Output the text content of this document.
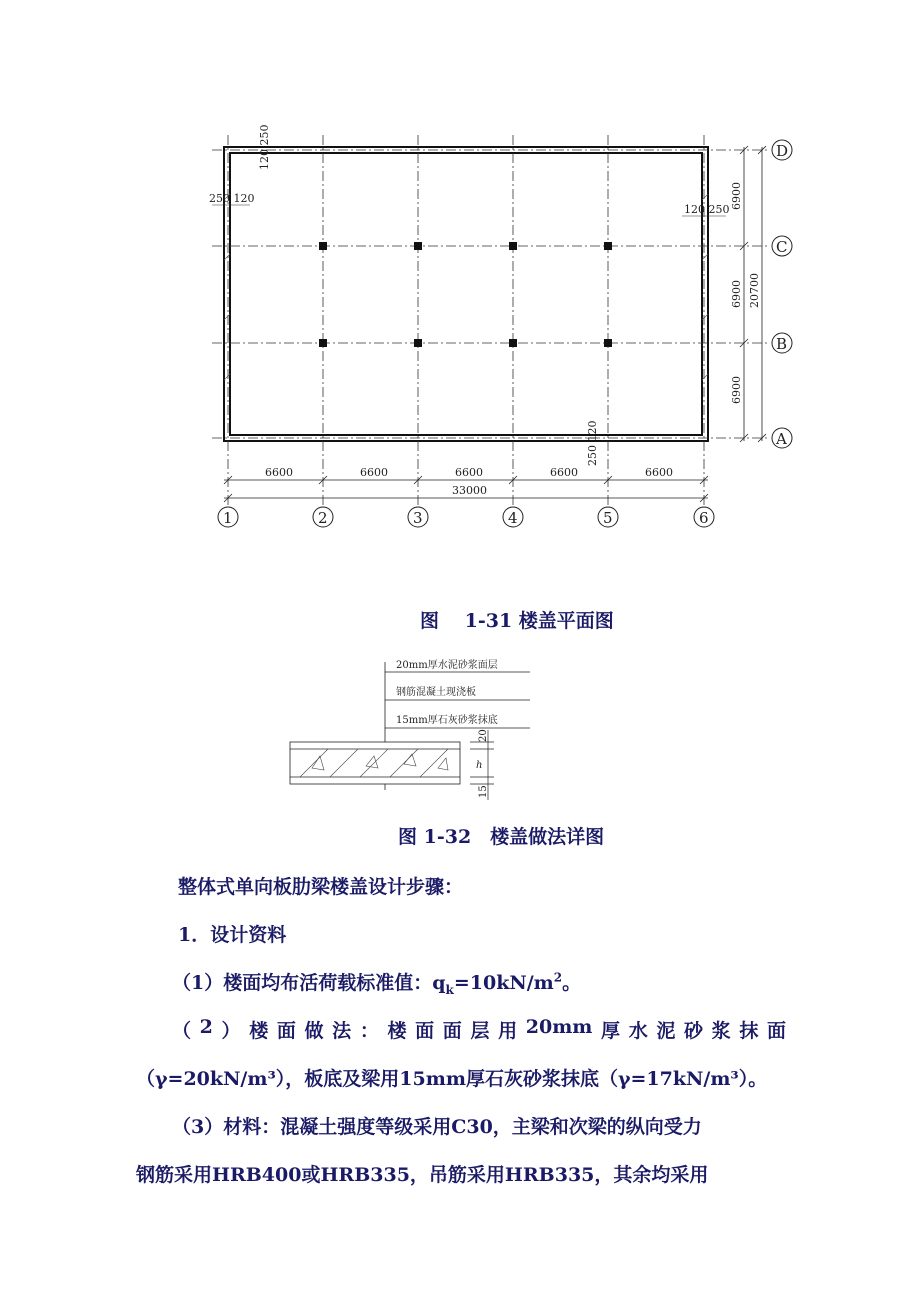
120 250
250 120
120 250
250 120
6900
6900
6900
20700
D
C
B
A
6600	6600	6600	6600	6600
33000
1	2	3	4	5	6
图　 1-31 楼盖平面图
20mm厚水泥砂浆面层
钢筋混凝土现浇板
15mm厚石灰砂浆抹底
20
h
15
图 1-32　楼盖做法详图
整体式单向板肋梁楼盖设计步骤：
1．设计资料
（1）楼面均布活荷载标准值：$q_k=10kN/m^2$。
（ 2 ） 楼 面 做 法 ： 楼 面 面 层 用 20mm 厚 水 泥 砂 浆 抹 面
（γ=20kN/m³），板底及梁用15mm厚石灰砂浆抹底（γ=17kN/m³）。
（3）材料：混凝土强度等级采用C30，主梁和次梁的纵向受力
钢筋采用HRB400或HRB335，吊筋采用HRB335，其余均采用
